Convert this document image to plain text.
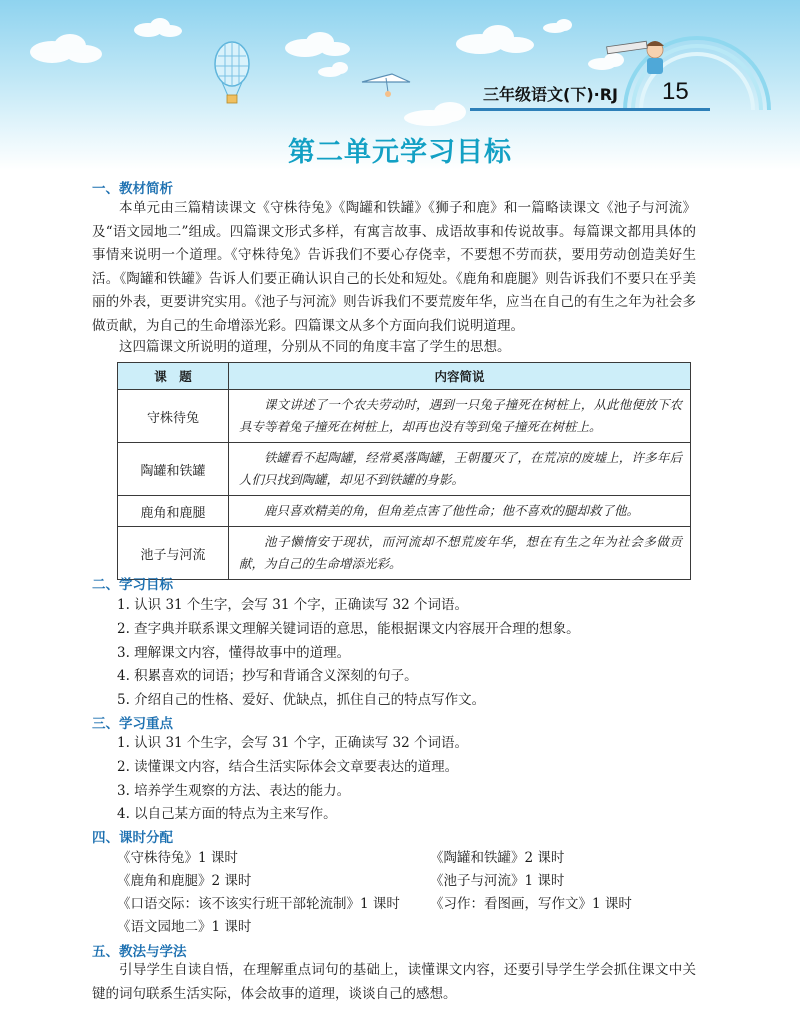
三年级语文(下)·RJ 15
第二单元学习目标
一、教材简析

本单元由三篇精读课文《守株待兔》《陶罐和铁罐》《狮子和鹿》和一篇略读课文《池子与河流》及“语文园地二”组成。四篇课文形式多样，有寓言故事、成语故事和传说故事。每篇课文都用具体的事情来说明一个道理。《守株待兔》告诉我们不要心存侥幸，不要想不劳而获，要用劳动创造美好生活。《陶罐和铁罐》告诉人们要正确认识自己的长处和短处。《鹿角和鹿腿》则告诉我们不要只在乎美丽的外表，更要讲究实用。《池子与河流》则告诉我们不要荒废年华，应当在自己的有生之年为社会多做贡献，为自己的生命增添光彩。四篇课文从多个方面向我们说明道理。

这四篇课文所说明的道理，分别从不同的角度丰富了学生的思想。

课　题	内容简说
守株待兔	课文讲述了一个农夫劳动时，遇到一只兔子撞死在树桩上，从此他便放下农具专等着兔子撞死在树桩上，却再也没有等到兔子撞死在树桩上。

陶罐和铁罐	铁罐看不起陶罐，经常奚落陶罐，王朝覆灭了，在荒凉的废墟上，许多年后人们只找到陶罐，却见不到铁罐的身影。

鹿角和鹿腿	鹿只喜欢精美的角，但角差点害了他性命；他不喜欢的腿却救了他。

池子与河流	池子懒惰安于现状，而河流却不想荒废年华，想在有生之年为社会多做贡献，为自己的生命增添光彩。
二、学习目标
1. 认识 31 个生字，会写 31 个字，正确读写 32 个词语。
2. 查字典并联系课文理解关键词语的意思，能根据课文内容展开合理的想象。
3. 理解课文内容，懂得故事中的道理。
4. 积累喜欢的词语；抄写和背诵含义深刻的句子。
5. 介绍自己的性格、爱好、优缺点，抓住自己的特点写作文。
三、学习重点
1. 认识 31 个生字，会写 31 个字，正确读写 32 个词语。
2. 读懂课文内容，结合生活实际体会文章要表达的道理。
3. 培养学生观察的方法、表达的能力。
4. 以自己某方面的特点为主来写作。
四、课时分配
《守株待兔》1 课时
《鹿角和鹿腿》2 课时
《口语交际：该不该实行班干部轮流制》1 课时
《语文园地二》1 课时
《陶罐和铁罐》2 课时
《池子与河流》1 课时
《习作：看图画，写作文》1 课时
五、教法与学法

引导学生自读自悟，在理解重点词句的基础上，读懂课文内容，还要引导学生学会抓住课文中关键的词句联系生活实际，体会故事的道理，谈谈自己的感想。
